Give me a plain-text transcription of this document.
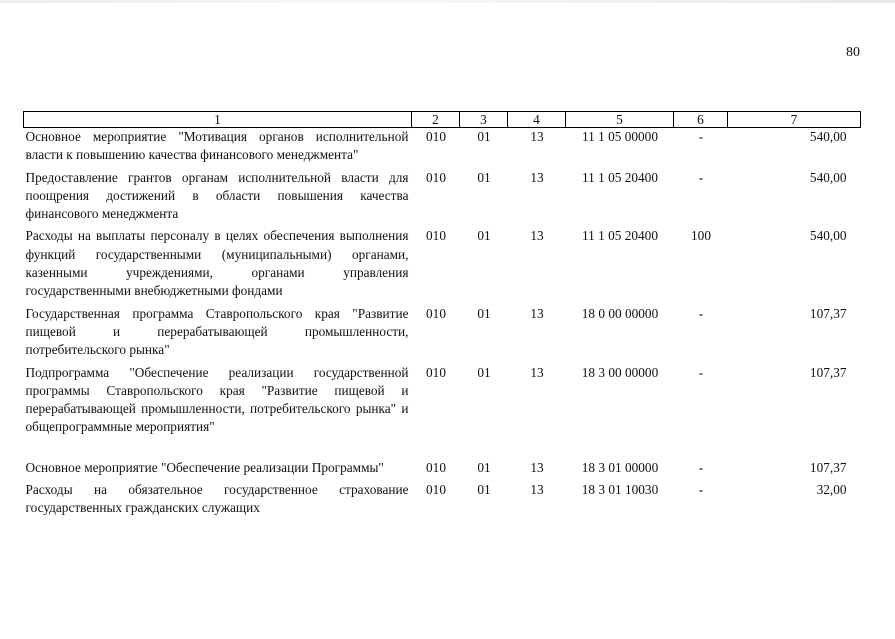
80
1	2	3	4	5	6	7
Основное мероприятие "Мотивация органов исполнительной власти к повышению качества финансового менеджмента"	010	01	13	11 1 05 00000	-	540,00
Предоставление грантов органам исполнительной власти для поощрения достижений в области повышения качества финансового менеджмента	010	01	13	11 1 05 20400	-	540,00
Расходы на выплаты персоналу в целях обеспечения выполнения функций государственными (муниципальными) органами, казенными учреждениями, органами управления государственными внебюджетными фондами	010	01	13	11 1 05 20400	100	540,00
Государственная программа Ставропольского края "Развитие пищевой и перерабатывающей промышленности, потребительского рынка"	010	01	13	18 0 00 00000	-	107,37
Подпрограмма "Обеспечение реализации государственной программы Ставропольского края "Развитие пищевой и перерабатывающей промышленности, потребительского рынка" и общепрограммные мероприятия"	010	01	13	18 3 00 00000	-	107,37
Основное мероприятие "Обеспечение реализации Программы"	010	01	13	18 3 01 00000	-	107,37
Расходы на обязательное государственное страхование государственных гражданских служащих	010	01	13	18 3 01 10030	-	32,00
